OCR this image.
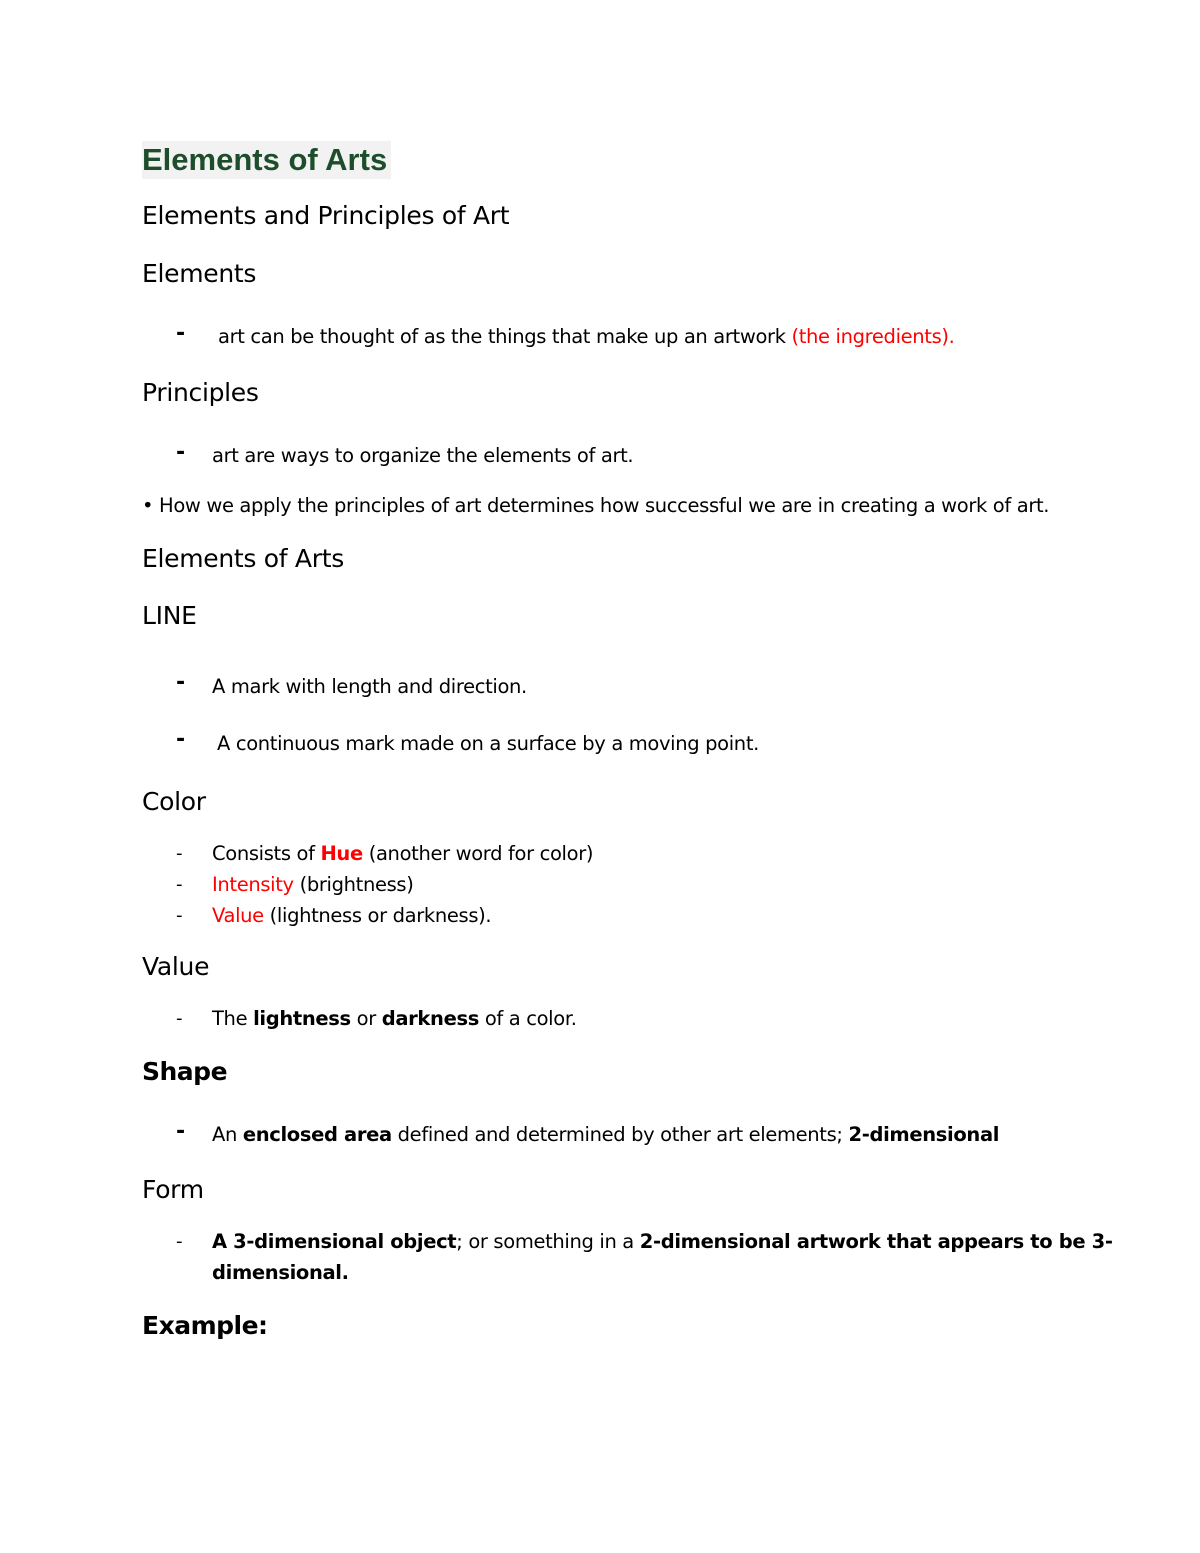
Elements of Arts
Elements and Principles of Art
Elements
- art can be thought of as the things that make up an artwork (the ingredients).
Principles
- art are ways to organize the elements of art.
• How we apply the principles of art determines how successful we are in creating a work of art.
Elements of Arts
LINE
- A mark with length and direction.
- A continuous mark made on a surface by a moving point.
Color
- Consists of Hue (another word for color)
- Intensity (brightness)
- Value (lightness or darkness).
Value
- The lightness or darkness of a color.
Shape
- An enclosed area defined and determined by other art elements; 2-dimensional
Form
- A 3-dimensional object; or something in a 2-dimensional artwork that appears to be 3-
dimensional.
Example:
